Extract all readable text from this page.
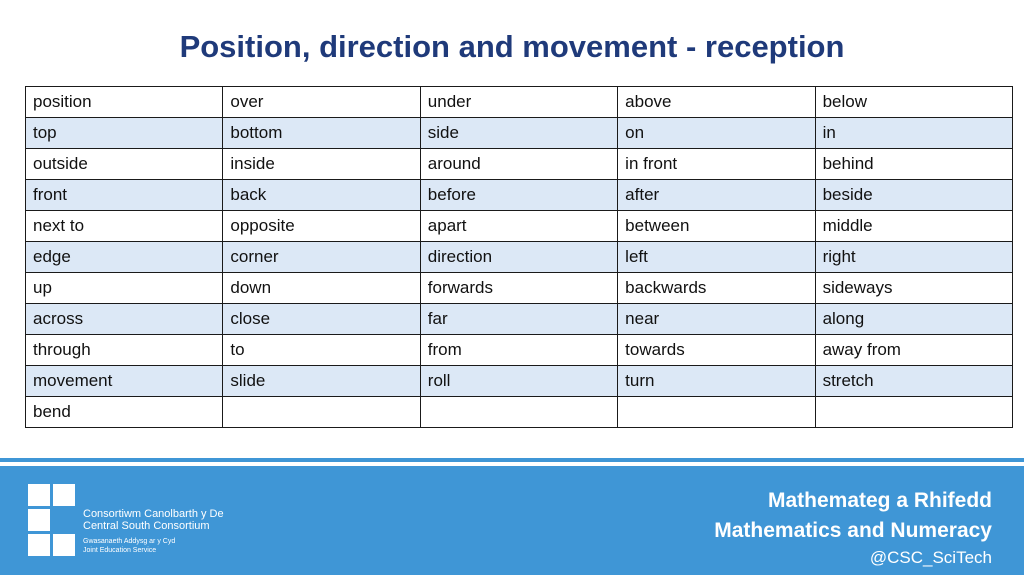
Position, direction and movement - reception
position	over	under	above	below
top	bottom	side	on	in
outside	inside	around	in front	behind
front	back	before	after	beside
next to	opposite	apart	between	middle
edge	corner	direction	left	right
up	down	forwards	backwards	sideways
across	close	far	near	along
through	to	from	towards	away from
movement	slide	roll	turn	stretch
bend				
Consortiwm Canolbarth y De
Central South Consortium
Gwasanaeth Addysg ar y Cyd
Joint Education Service
Mathemateg a Rhifedd
Mathematics and Numeracy
@CSC_SciTech
